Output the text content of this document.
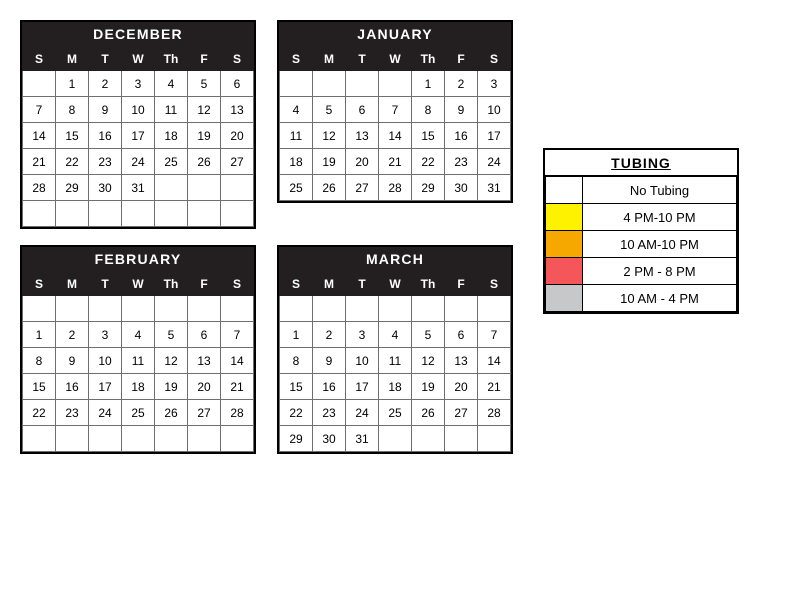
DECEMBER
S	M	T	W	Th	F	S
	1	2	3	4	5	6
7	8	9	10	11	12	13
14	15	16	17	18	19	20
21	22	23	24	25	26	27
28	29	30	31			

JANUARY
S	M	T	W	Th	F	S
				1	2	3
4	5	6	7	8	9	10
11	12	13	14	15	16	17
18	19	20	21	22	23	24
25	26	27	28	29	30	31
FEBRUARY
S	M	T	W	Th	F	S

1	2	3	4	5	6	7
8	9	10	11	12	13	14
15	16	17	18	19	20	21
22	23	24	25	26	27	28

MARCH
S	M	T	W	Th	F	S

1	2	3	4	5	6	7
8	9	10	11	12	13	14
15	16	17	18	19	20	21
22	23	24	25	26	27	28
29	30	31				
TUBING
	No Tubing
	4 PM-10 PM
	10 AM-10 PM
	2 PM - 8 PM
	10 AM - 4 PM
